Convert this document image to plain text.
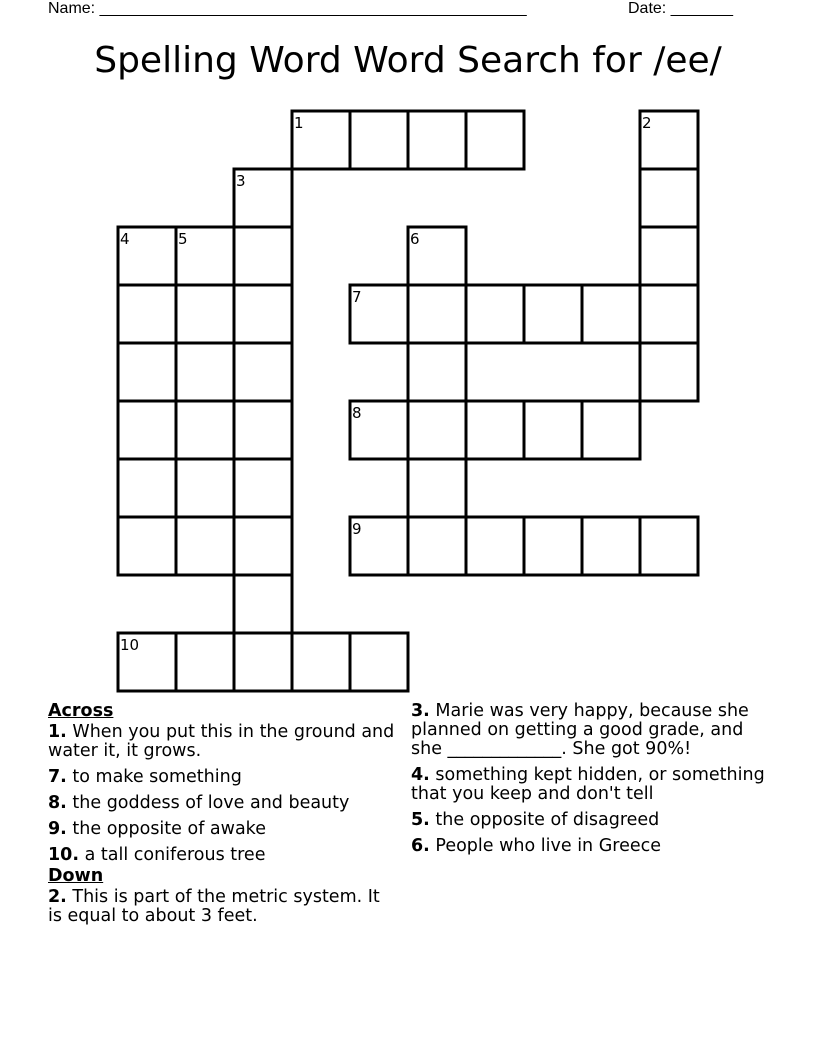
Name: ________________________________________________

	Date: _______

Spelling Word Word Search for /ee/
1	2
3
4	5	6
7
8
9
10
Across
1. When you put this in the ground and water it, it grows.
7. to make something
8. the goddess of love and beauty
9. the opposite of awake
10. a tall coniferous tree
Down
2. This is part of the metric system. It is equal to about 3 feet.
3. Marie was very happy, because she planned on getting a good grade, and she _____________. She got 90%!
4. something kept hidden, or something that you keep and don't tell
5. the opposite of disagreed
6. People who live in Greece
